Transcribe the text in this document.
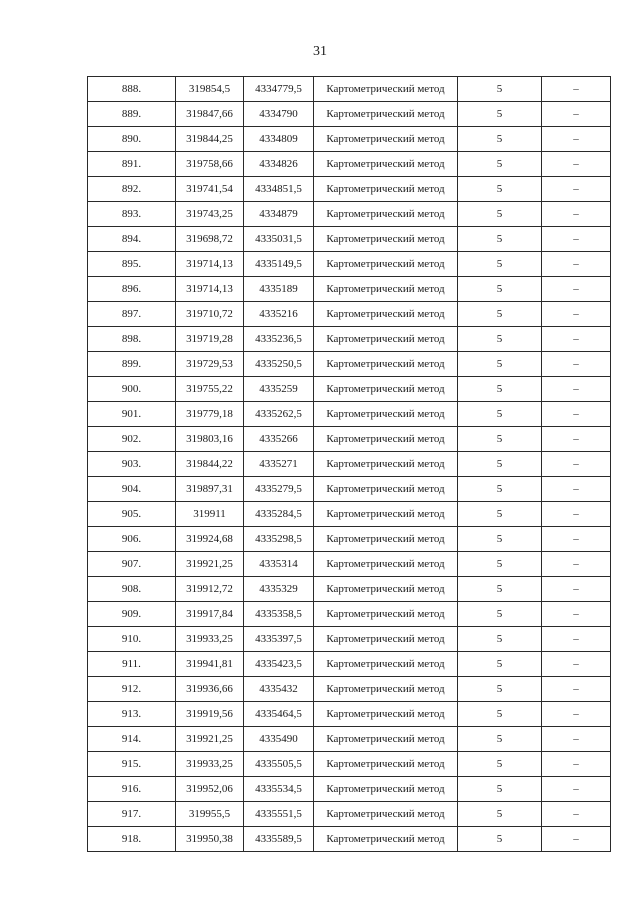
31
888.	319854,5	4334779,5	Картометрический метод	5	–
889.	319847,66	4334790	Картометрический метод	5	–
890.	319844,25	4334809	Картометрический метод	5	–
891.	319758,66	4334826	Картометрический метод	5	–
892.	319741,54	4334851,5	Картометрический метод	5	–
893.	319743,25	4334879	Картометрический метод	5	–
894.	319698,72	4335031,5	Картометрический метод	5	–
895.	319714,13	4335149,5	Картометрический метод	5	–
896.	319714,13	4335189	Картометрический метод	5	–
897.	319710,72	4335216	Картометрический метод	5	–
898.	319719,28	4335236,5	Картометрический метод	5	–
899.	319729,53	4335250,5	Картометрический метод	5	–
900.	319755,22	4335259	Картометрический метод	5	–
901.	319779,18	4335262,5	Картометрический метод	5	–
902.	319803,16	4335266	Картометрический метод	5	–
903.	319844,22	4335271	Картометрический метод	5	–
904.	319897,31	4335279,5	Картометрический метод	5	–
905.	319911	4335284,5	Картометрический метод	5	–
906.	319924,68	4335298,5	Картометрический метод	5	–
907.	319921,25	4335314	Картометрический метод	5	–
908.	319912,72	4335329	Картометрический метод	5	–
909.	319917,84	4335358,5	Картометрический метод	5	–
910.	319933,25	4335397,5	Картометрический метод	5	–
911.	319941,81	4335423,5	Картометрический метод	5	–
912.	319936,66	4335432	Картометрический метод	5	–
913.	319919,56	4335464,5	Картометрический метод	5	–
914.	319921,25	4335490	Картометрический метод	5	–
915.	319933,25	4335505,5	Картометрический метод	5	–
916.	319952,06	4335534,5	Картометрический метод	5	–
917.	319955,5	4335551,5	Картометрический метод	5	–
918.	319950,38	4335589,5	Картометрический метод	5	–
